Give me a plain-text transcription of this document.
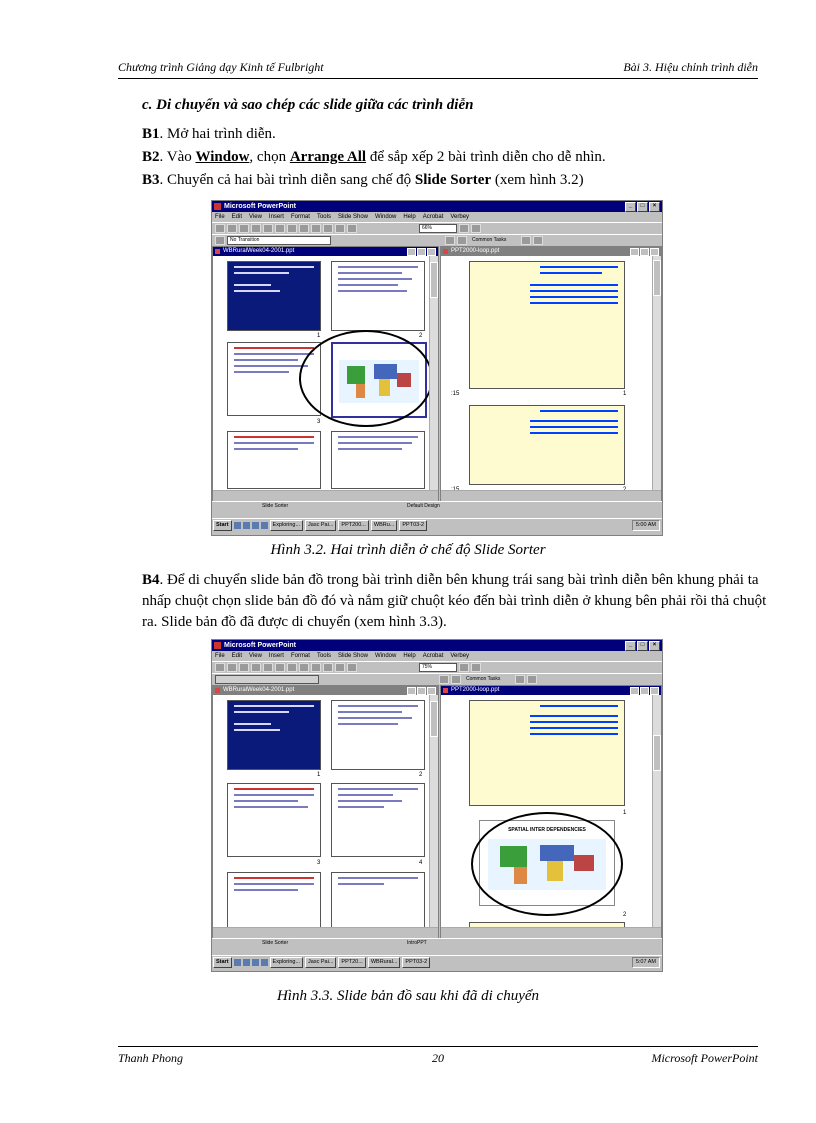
Chương trình Giảng dạy Kinh tế Fulbright	Bài 3. Hiệu chỉnh trình diễn
c. Di chuyển và sao chép các slide giữa các trình diễn
B1. Mở hai trình diễn.
B2. Vào Window, chọn Arrange All để sắp xếp 2 bài trình diễn cho dễ nhìn.
B3. Chuyển cả hai bài trình diễn sang chế độ Slide Sorter (xem hình 3.2)
Microsoft PowerPoint	_	□	×
File Edit View Insert Format Tools Slide Show Window Help Acrobat Verbey
66%
No Transition	Common Tasks
WBRuralWeek04-2001.ppt
1	2
3
PPT2000-loop.ppt
:15	1
Slide Sorter	Default Design
Start	Exploring...	Jasc Pai...	PPT200...	WBRu...	PPT03-2	5:00 AM
Hình 3.2. Hai trình diễn ở chế độ Slide Sorter
B4. Để di chuyển slide bản đồ trong bài trình diễn bên khung trái sang bài trình diễn bên khung phải ta nhấp chuột chọn slide bản đồ đó và nắm giữ chuột kéo đến bài trình diễn ở khung bên phải rồi thả chuột ra. Slide bản đồ đã được di chuyển (xem hình 3.3).
Microsoft PowerPoint	_	□	×
File Edit View Insert Format Tools Slide Show Window Help Acrobat Verbey
75%
Common Tasks
WBRuralWeek04-2001.ppt
1	2
3	4
PPT2000-loop.ppt
1
SPATIAL INTER DEPENDENCIES
2
Slide Sorter	IntroPPT
Start	Exploring...	Jasc Pai...	PPT20...	WBRural...	PPT03-2	5:07 AM
Hình 3.3. Slide bản đồ sau khi đã di chuyển
Thanh Phong	20	Microsoft PowerPoint
